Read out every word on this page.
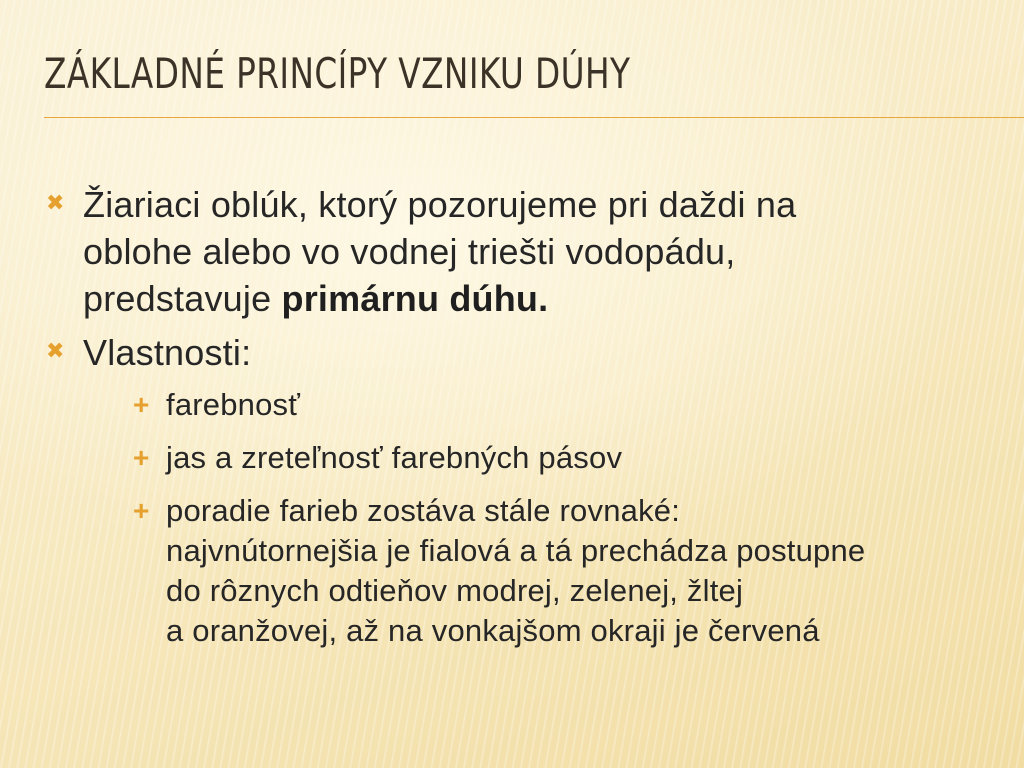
ZÁKLADNÉ PRINCÍPY VZNIKU DÚHY
✖ Žiariaci oblúk, ktorý pozorujeme pri daždi na
oblohe alebo vo vodnej triešti vodopádu,
predstavuje primárnu dúhu.
✖ Vlastnosti:
+ farebnosť
+ jas a zreteľnosť farebných pásov
+ poradie farieb zostáva stále rovnaké:
najvnútornejšia je fialová a tá prechádza postupne
do rôznych odtieňov modrej, zelenej, žltej
a oranžovej, až na vonkajšom okraji je červená
